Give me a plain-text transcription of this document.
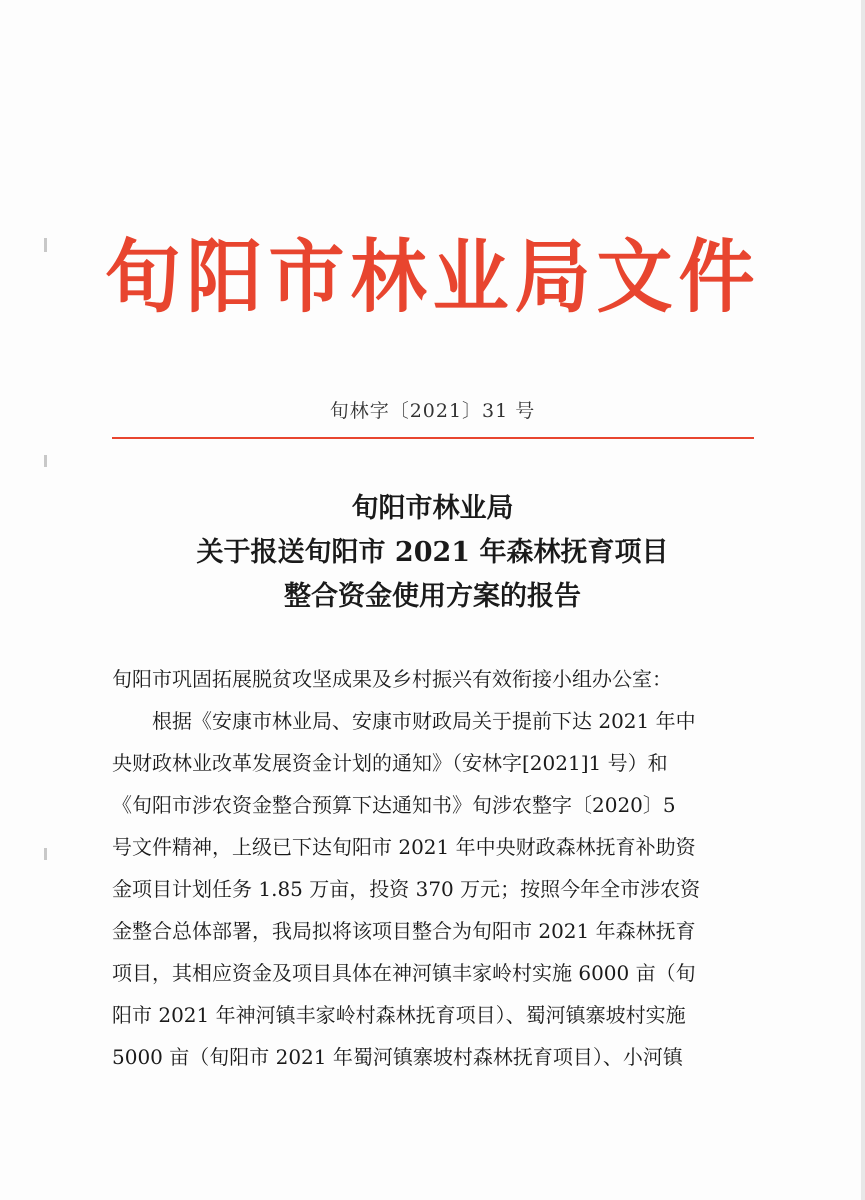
旬阳市林业局文件
旬林字〔2021〕31 号
旬阳市林业局
关于报送旬阳市 2021 年森林抚育项目
整合资金使用方案的报告
旬阳市巩固拓展脱贫攻坚成果及乡村振兴有效衔接小组办公室：
根据《安康市林业局、安康市财政局关于提前下达 2021 年中
央财政林业改革发展资金计划的通知》（安林字[2021]1 号）和
《旬阳市涉农资金整合预算下达通知书》旬涉农整字〔2020〕5
号文件精神，上级已下达旬阳市 2021 年中央财政森林抚育补助资
金项目计划任务 1.85 万亩，投资 370 万元；按照今年全市涉农资
金整合总体部署，我局拟将该项目整合为旬阳市 2021 年森林抚育
项目，其相应资金及项目具体在神河镇丰家岭村实施 6000 亩（旬
阳市 2021 年神河镇丰家岭村森林抚育项目）、蜀河镇寨坡村实施
5000 亩（旬阳市 2021 年蜀河镇寨坡村森林抚育项目）、小河镇
